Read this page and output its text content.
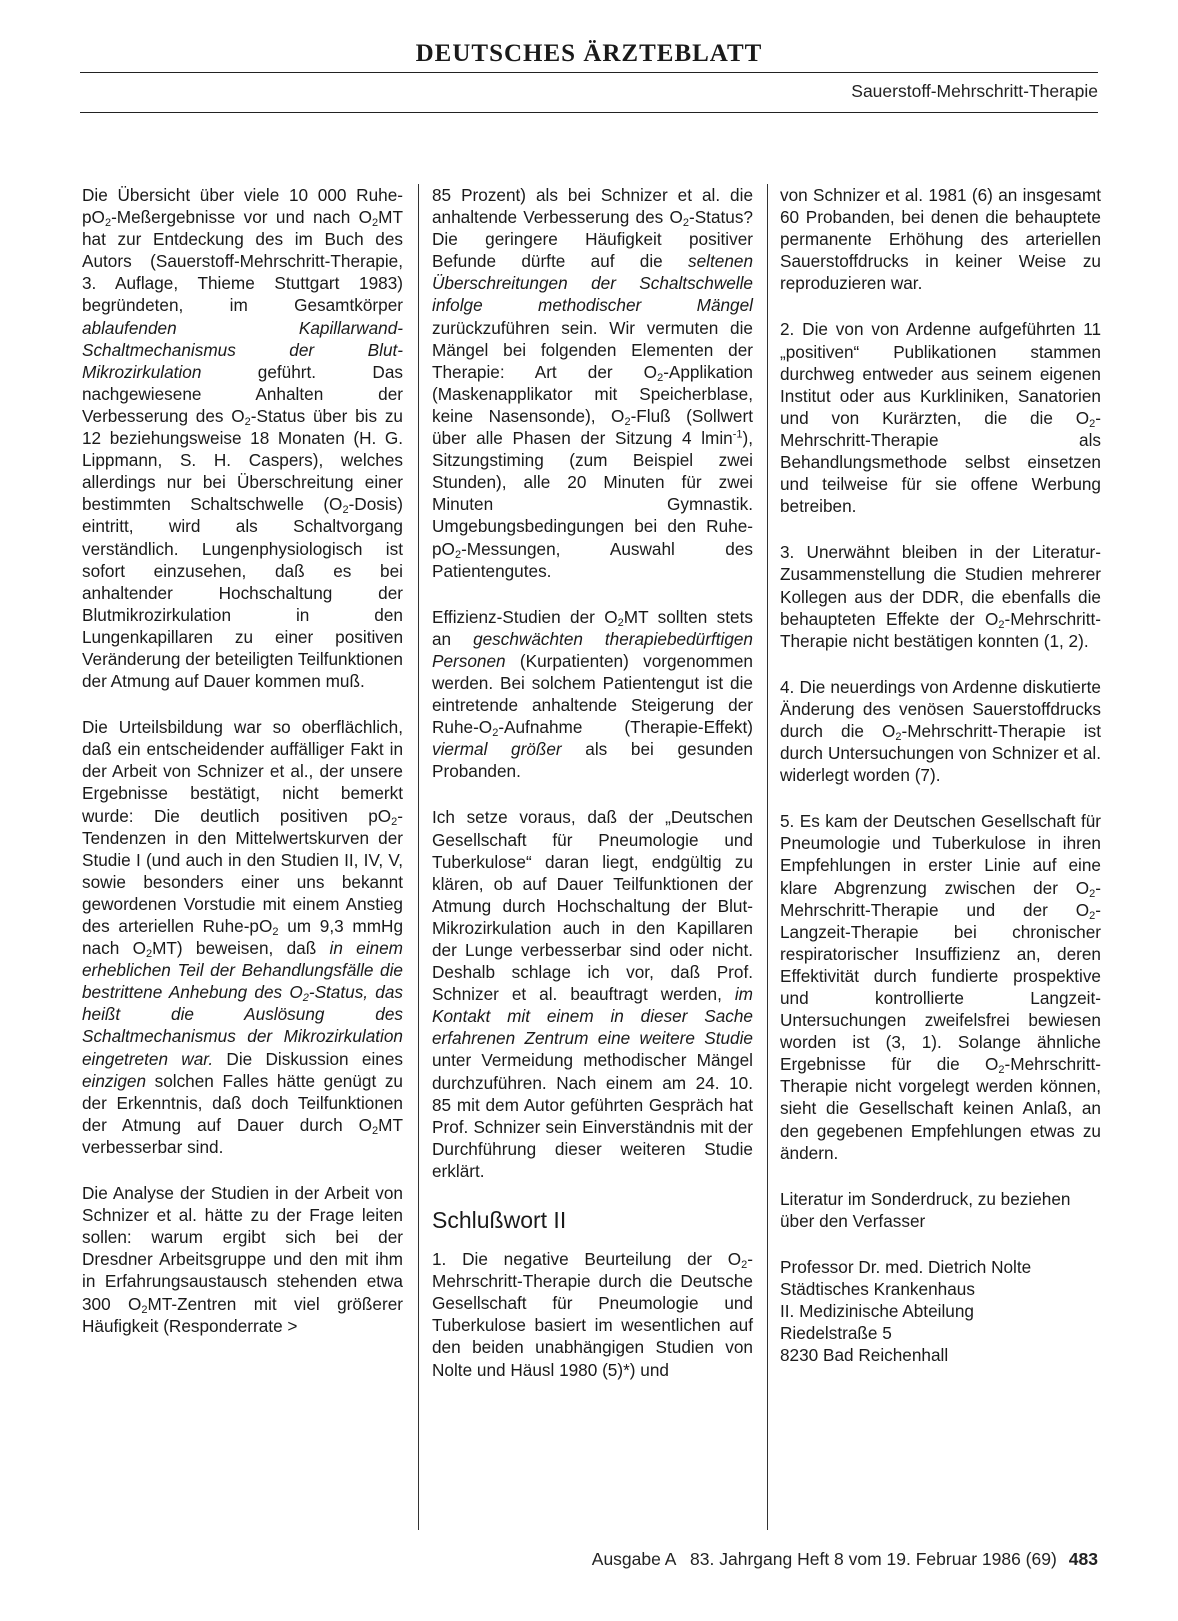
DEUTSCHES ÄRZTEBLATT
Sauerstoff-Mehrschritt-Therapie

Die Übersicht über viele 10 000 Ruhe-$pO_2$-Meßergebnisse vor und nach $O_2MT$ hat zur Entdeckung des im Buch des Autors (Sauerstoff-Mehrschritt-Therapie, 3. Auflage, Thieme Stuttgart 1983) begründeten, im Gesamtkörper ablaufenden Kapillarwand-Schaltmechanismus der Blut-Mikrozirkulation geführt. Das nachgewiesene Anhalten der Verbesserung des $O_2$-Status über bis zu 12 beziehungsweise 18 Monaten (H. G. Lippmann, S. H. Caspers), welches allerdings nur bei Überschreitung einer bestimmten Schaltschwelle $(O_2-Dosis)$ eintritt, wird als Schaltvorgang verständlich. Lungenphysiologisch ist sofort einzusehen, daß es bei anhaltender Hochschaltung der Blutmikrozirkulation in den Lungenkapillaren zu einer positiven Veränderung der beteiligten Teilfunktionen der Atmung auf Dauer kommen muß.

Die Urteilsbildung war so oberflächlich, daß ein entscheidender auffälliger Fakt in der Arbeit von Schnizer et al., der unsere Ergebnisse bestätigt, nicht bemerkt wurde: Die deutlich positiven $pO_2$-Tendenzen in den Mittelwertskurven der Studie I (und auch in den Studien II, IV, V, sowie besonders einer uns bekannt gewordenen Vorstudie mit einem Anstieg des arteriellen Ruhe-$pO_2$ um 9,3 mmHg nach $O_2MT$) beweisen, daß in einem erheblichen Teil der Behandlungsfälle die bestrittene Anhebung des $O_2$-Status, das heißt die Auslösung des Schaltmechanismus der Mikrozirkulation eingetreten war. Die Diskussion eines einzigen solchen Falles hätte genügt zu der Erkenntnis, daß doch Teilfunktionen der Atmung auf Dauer durch $O_2MT$ verbesserbar sind.

Die Analyse der Studien in der Arbeit von Schnizer et al. hätte zu der Frage leiten sollen: warum ergibt sich bei der Dresdner Arbeitsgruppe und den mit ihm in Erfahrungsaustausch stehenden etwa 300 $O_2MT$-Zentren mit viel größerer Häufigkeit (Responderrate >

85 Prozent) als bei Schnizer et al. die anhaltende Verbesserung des $O_2$-Status? Die geringere Häufigkeit positiver Befunde dürfte auf die seltenen Überschreitungen der Schaltschwelle infolge methodischer Mängel zurückzuführen sein. Wir vermuten die Mängel bei folgenden Elementen der Therapie: Art der $O_2$-Applikation (Maskenapplikator mit Speicherblase, keine Nasensonde), $O_2$-Fluß (Sollwert über alle Phasen der Sitzung 4 lmin$^{-1}$), Sitzungstiming (zum Beispiel zwei Stunden), alle 20 Minuten für zwei Minuten Gymnastik. Umgebungsbedingungen bei den Ruhe-$pO_2$-Messungen, Auswahl des Patientengutes.

Effizienz-Studien der $O_2MT$ sollten stets an geschwächten therapiebedürftigen Personen (Kurpatienten) vorgenommen werden. Bei solchem Patientengut ist die eintretende anhaltende Steigerung der Ruhe-$O_2$-Aufnahme (Therapie-Effekt) viermal größer als bei gesunden Probanden.

Ich setze voraus, daß der „Deutschen Gesellschaft für Pneumologie und Tuberkulose“ daran liegt, endgültig zu klären, ob auf Dauer Teilfunktionen der Atmung durch Hochschaltung der Blut-Mikrozirkulation auch in den Kapillaren der Lunge verbesserbar sind oder nicht. Deshalb schlage ich vor, daß Prof. Schnizer et al. beauftragt werden, im Kontakt mit einem in dieser Sache erfahrenen Zentrum eine weitere Studie unter Vermeidung methodischer Mängel durchzuführen. Nach einem am 24. 10. 85 mit dem Autor geführten Gespräch hat Prof. Schnizer sein Einverständnis mit der Durchführung dieser weiteren Studie erklärt.

Schlußwort II

1. Die negative Beurteilung der $O_2-Mehrschritt$-Therapie durch die Deutsche Gesellschaft für Pneumologie und Tuberkulose basiert im wesentlichen auf den beiden unabhängigen Studien von Nolte und Häusl 1980 (5)*) und

von Schnizer et al. 1981 (6) an insgesamt 60 Probanden, bei denen die behauptete permanente Erhöhung des arteriellen Sauerstoffdrucks in keiner Weise zu reproduzieren war.

2. Die von von Ardenne aufgeführten 11 „positiven“ Publikationen stammen durchweg entweder aus seinem eigenen Institut oder aus Kurkliniken, Sanatorien und von Kurärzten, die die $O_2-Mehrschritt$-Therapie als Behandlungsmethode selbst einsetzen und teilweise für sie offene Werbung betreiben.

3. Unerwähnt bleiben in der Literatur-Zusammenstellung die Studien mehrerer Kollegen aus der DDR, die ebenfalls die behaupteten Effekte der $O_2-Mehrschritt$-Therapie nicht bestätigen konnten (1, 2).

4. Die neuerdings von Ardenne diskutierte Änderung des venösen Sauerstoffdrucks durch die $O_2-Mehrschritt$-Therapie ist durch Untersuchungen von Schnizer et al. widerlegt worden (7).

5. Es kam der Deutschen Gesellschaft für Pneumologie und Tuberkulose in ihren Empfehlungen in erster Linie auf eine klare Abgrenzung zwischen der $O_2-Mehrschritt$-Therapie und der $O_2-Langzeit$-Therapie bei chronischer respiratorischer Insuffizienz an, deren Effektivität durch fundierte prospektive und kontrollierte Langzeit-Untersuchungen zweifelsfrei bewiesen worden ist (3, 1). Solange ähnliche Ergebnisse für die $O_2-Mehrschritt$-Therapie nicht vorgelegt werden können, sieht die Gesellschaft keinen Anlaß, an den gegebenen Empfehlungen etwas zu ändern.

Literatur im Sonderdruck, zu beziehen über den Verfasser

Professor Dr. med. Dietrich Nolte

Städtisches Krankenhaus

II. Medizinische Abteilung

Riedelstraße 5

8230 Bad Reichenhall

Ausgabe A   83. Jahrgang Heft 8 vom 19. Februar 1986 (69) 483
